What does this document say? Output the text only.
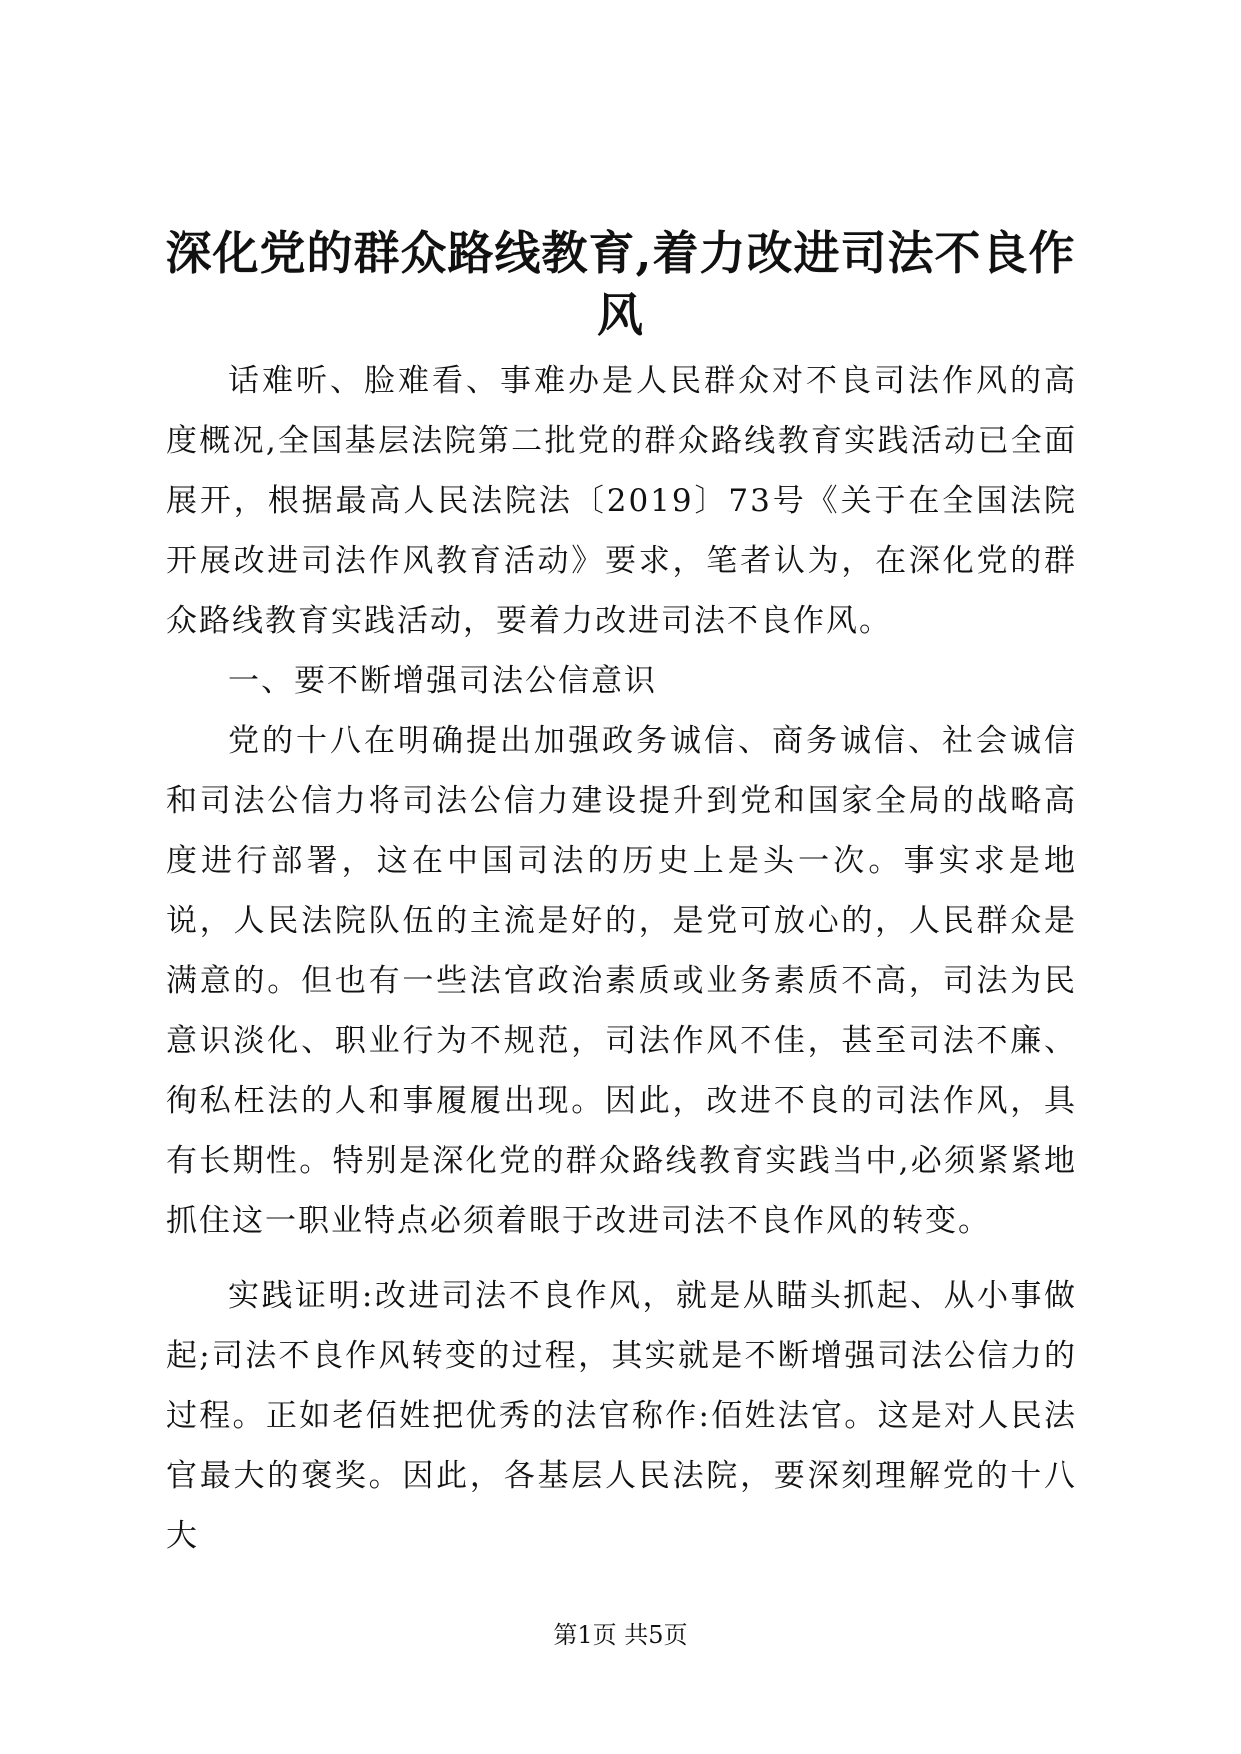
深化党的群众路线教育,着力改进司法不良作风

话难听、脸难看、事难办是人民群众对不良司法作风的高度概况,全国基层法院第二批党的群众路线教育实践活动已全面展开，根据最高人民法院法〔2019〕73号《关于在全国法院开展改进司法作风教育活动》要求，笔者认为，在深化党的群众路线教育实践活动，要着力改进司法不良作风。

一、要不断增强司法公信意识

党的十八在明确提出加强政务诚信、商务诚信、社会诚信和司法公信力将司法公信力建设提升到党和国家全局的战略高度进行部署，这在中国司法的历史上是头一次。事实求是地说，人民法院队伍的主流是好的，是党可放心的，人民群众是满意的。但也有一些法官政治素质或业务素质不高，司法为民意识淡化、职业行为不规范，司法作风不佳，甚至司法不廉、徇私枉法的人和事履履出现。因此，改进不良的司法作风，具有长期性。特别是深化党的群众路线教育实践当中,必须紧紧地抓住这一职业特点必须着眼于改进司法不良作风的转变。

实践证明:改进司法不良作风，就是从瞄头抓起、从小事做起;司法不良作风转变的过程，其实就是不断增强司法公信力的过程。正如老佰姓把优秀的法官称作:佰姓法官。这是对人民法官最大的褒奖。因此，各基层人民法院，要深刻理解党的十八大

第1页 共5页
